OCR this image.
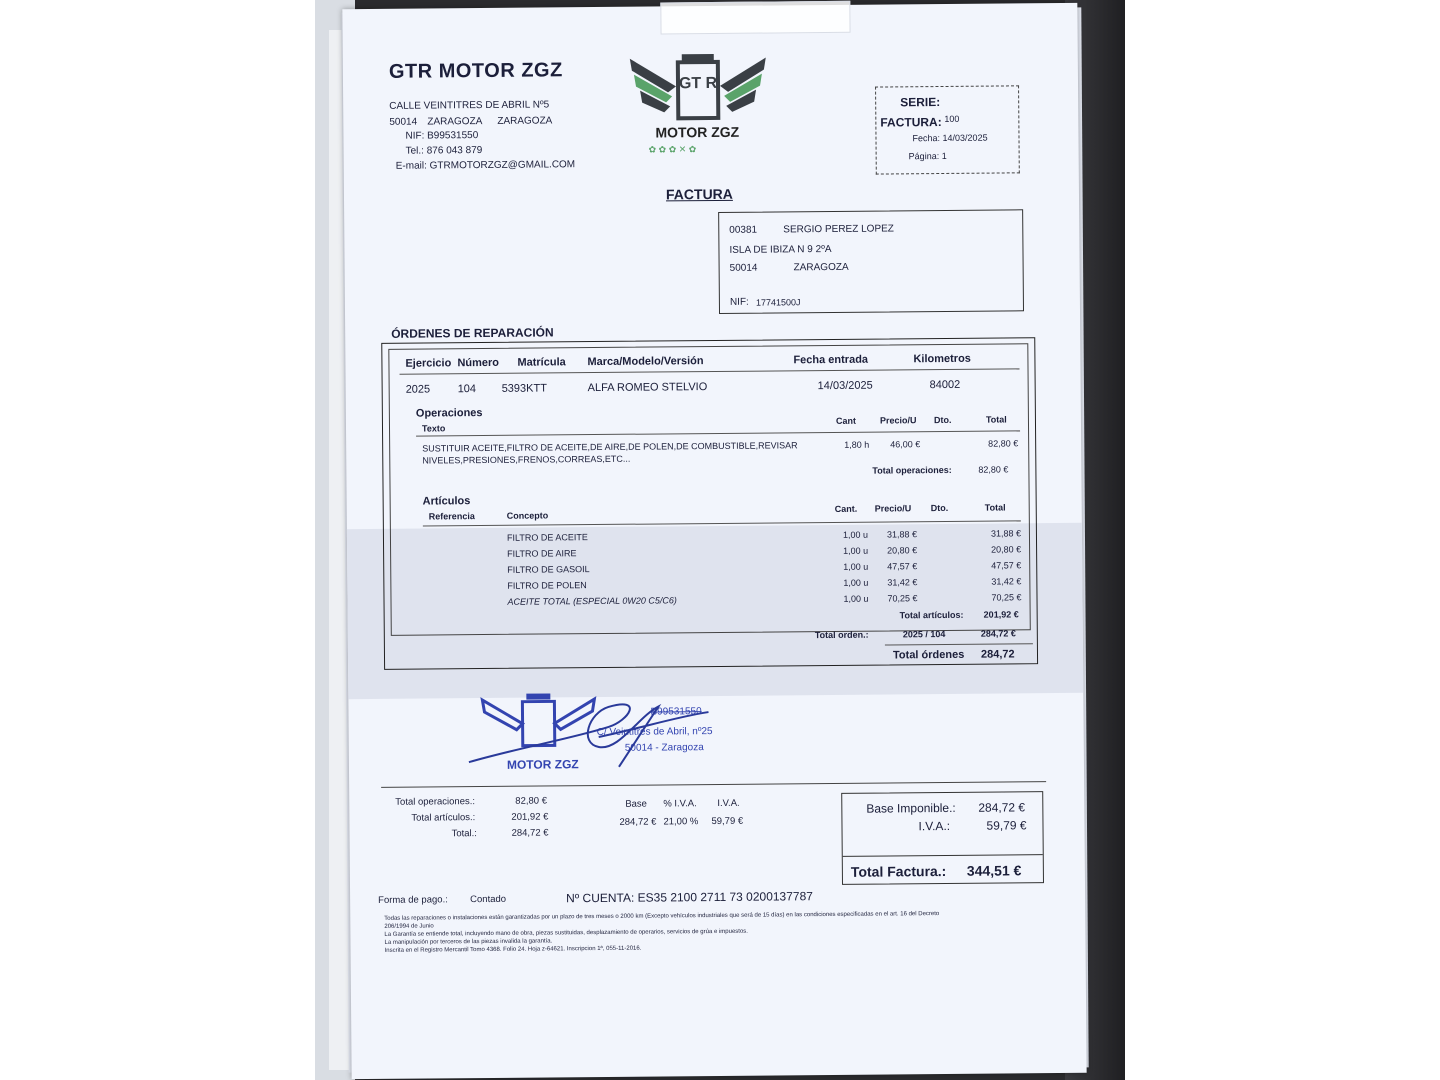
GTR MOTOR ZGZ
CALLE VEINTITRES DE ABRIL Nº5
50014 ZARAGOZA ZARAGOZA
NIF: B99531550
Tel.: 876 043 879
E-mail: GTRMOTORZGZ@GMAIL.COM
GT R
✿ ✿ ✿ ✕ ✿
MOTOR ZGZ
SERIE:
FACTURA: 100
Fecha: 14/03/2025
Página: 1
FACTURA
00381	SERGIO PEREZ LOPEZ
ISLA DE IBIZA N 9 2ºA
50014	ZARAGOZA
NIF: 17741500J
ÓRDENES DE REPARACIÓN
Ejercicio Número Matrícula Marca/Modelo/Versión	Fecha entrada	Kilometros
2025 104 5393KTT	ALFA ROMEO STELVIO	14/03/2025	84002
Operaciones
Texto
Cant	Precio/U Dto.	Total
SUSTITUIR ACEITE,FILTRO DE ACEITE,DE AIRE,DE POLEN,DE COMBUSTIBLE,REVISAR
NIVELES,PRESIONES,FRENOS,CORREAS,ETC...
1,80 h 46,00 €	82,80 €
Total operaciones:	82,80 €
Artículos
Referencia	Concepto
Cant. Precio/U Dto.	Total
FILTRO DE ACEITE	1,00 u 31,88 €	31,88 €
FILTRO DE AIRE	1,00 u 20,80 €	20,80 €
FILTRO DE GASOIL	1,00 u 47,57 €	47,57 €
FILTRO DE POLEN	1,00 u 31,42 €	31,42 €
ACEITE TOTAL (ESPECIAL 0W20 C5/C6)	1,00 u 70,25 €	70,25 €
Total artículos: 201,92 €
Total orden.:	2025 / 104	284,72 €
Total órdenes 284,72
MOTOR ZGZ
B99531550
C/ Veintitres de Abril, nº25
50014 - Zaragoza
Total operaciones.:	82,80 €
Total artículos.:	201,92 €
Total.:	284,72 €
Base % I.V.A. I.V.A.
284,72 € 21,00 % 59,79 €
Base Imponible.: 284,72 €
I.V.A.:	59,79 €
Total Factura.: 344,51 €
Forma de pago.: Contado	Nº CUENTA: ES35 2100 2711 73 0200137787
Todas las reparaciones o instalaciones están garantizadas por un plazo de tres meses o 2000 km (Excepto vehículos industriales que será de 15 días) en las condiciones especificadas en el art. 16 del Decreto
206/1994 de Junio
La Garantía se entiende total, incluyendo mano de obra, piezas sustituidas, desplazamiento de operarios, servicios de grúa e impuestos.
La manipulación por terceros de las piezas invalida la garantía.
Inscrita en el Registro Mercantil Tomo 4368. Folio 24. Hoja z-64621. Inscripcion 1ª, 055-11-2016.
